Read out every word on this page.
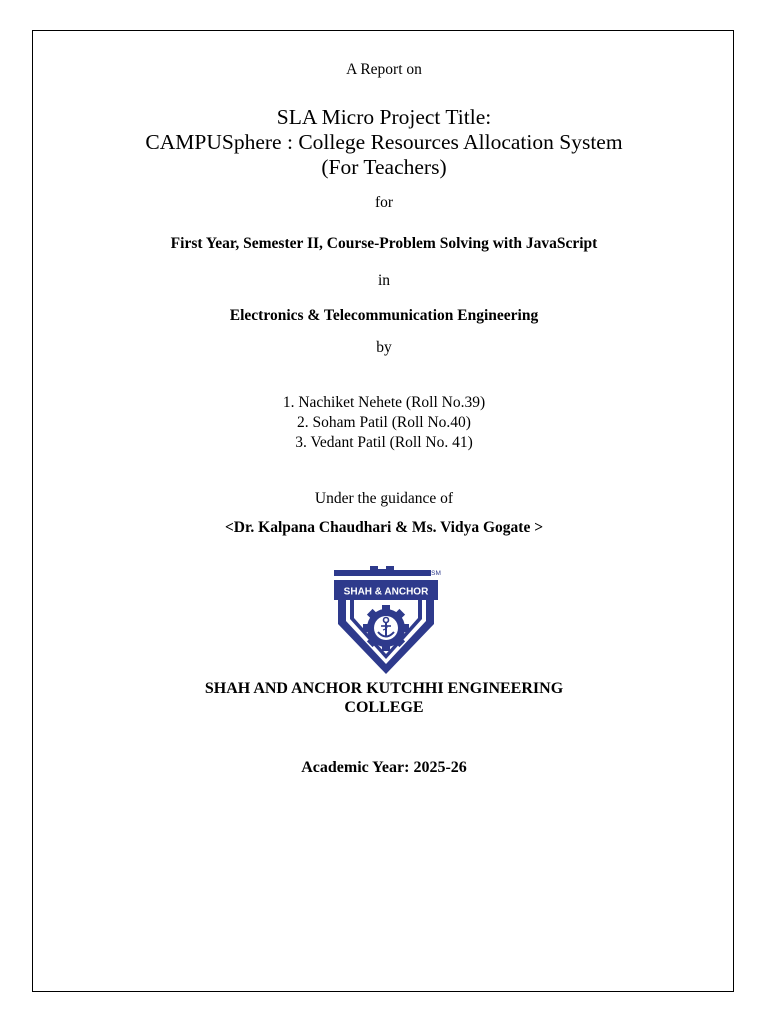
A Report on
SLA Micro Project Title:
CAMPUSphere : College Resources Allocation System
(For Teachers)
for
First Year, Semester II, Course-Problem Solving with JavaScript
in
Electronics & Telecommunication Engineering
by
1. Nachiket Nehete (Roll No.39)
2. Soham Patil (Roll No.40)
3. Vedant Patil (Roll No. 41)
Under the guidance of
<Dr. Kalpana Chaudhari & Ms. Vidya Gogate >
SHAH & ANCHOR
SM
SHAH AND ANCHOR KUTCHHI ENGINEERING
COLLEGE
Academic Year: 2025-26
